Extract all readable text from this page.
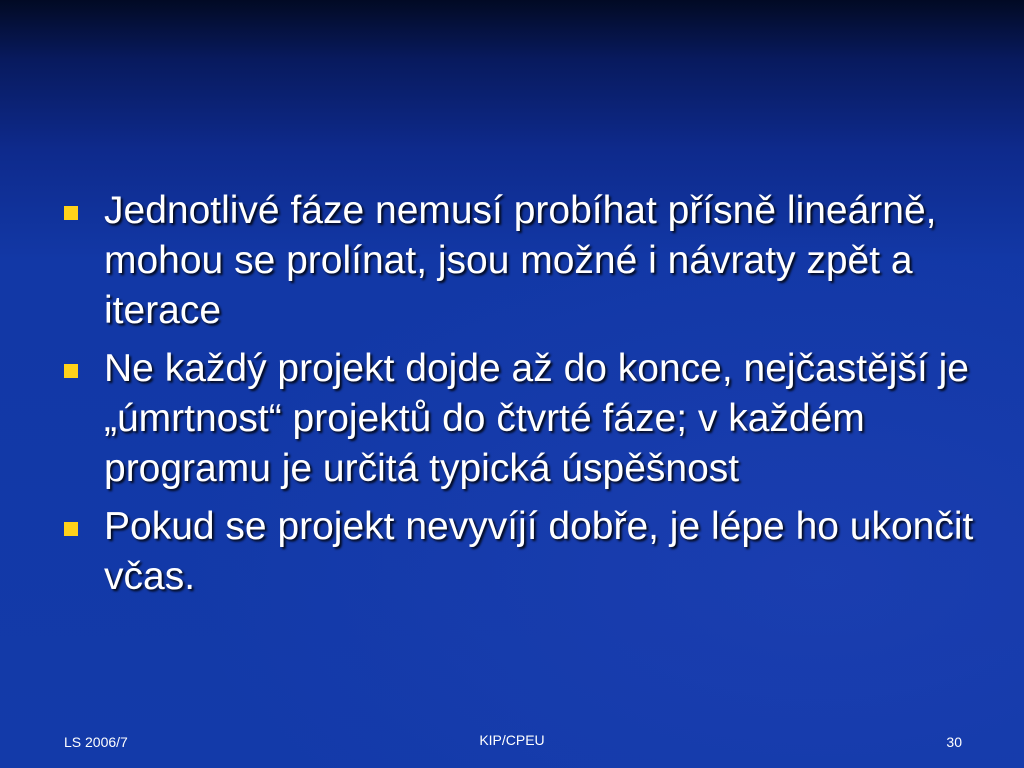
Jednotlivé fáze nemusí probíhat přísně lineárně, mohou se prolínat, jsou možné i návraty zpět a iterace
Ne každý projekt dojde až do konce, nejčastější je „úmrtnost“ projektů do čtvrté fáze; v každém programu je určitá typická úspěšnost
Pokud se projekt nevyvíjí dobře, je lépe ho ukončit včas.
LS 2006/7	KIP/CPEU	30
